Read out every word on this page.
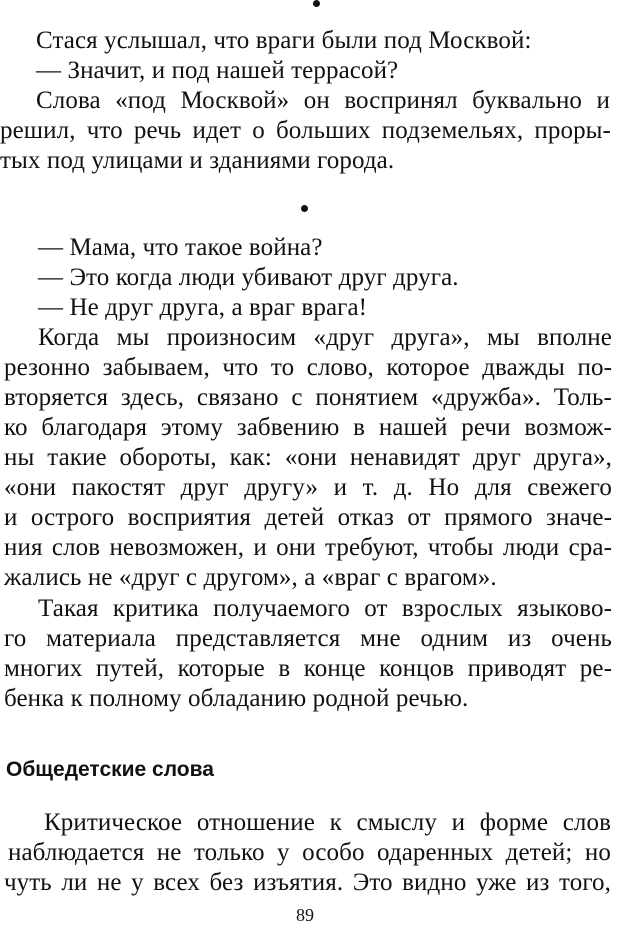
Стася услышал, что враги были под Москвой:
— Значит, и под нашей террасой?
Слова «под Москвой» он воспринял буквально и
решил, что речь идет о больших подземельях, проры-
тых под улицами и зданиями города.
— Мама, что такое война?
— Это когда люди убивают друг друга.
— Не друг друга, а враг врага!
Когда мы произносим «друг друга», мы вполне
резонно забываем, что то слово, которое дважды по-
вторяется здесь, связано с понятием «дружба». Толь-
ко благодаря этому забвению в нашей речи возмож-
ны такие обороты, как: «они ненавидят друг друга»,
«они пакостят друг другу» и т. д. Но для свежего
и острого восприятия детей отказ от прямого значе-
ния слов невозможен, и они требуют, чтобы люди сра-
жались не «друг с другом», а «враг с врагом».
Такая критика получаемого от взрослых языково-
го материала представляется мне одним из очень
многих путей, которые в конце концов приводят ре-
бенка к полному обладанию родной речью.
Общедетские слова
Критическое отношение к смыслу и форме слов
наблюдается не только у особо одаренных детей; но
чуть ли не у всех без изъятия. Это видно уже из того,
89
